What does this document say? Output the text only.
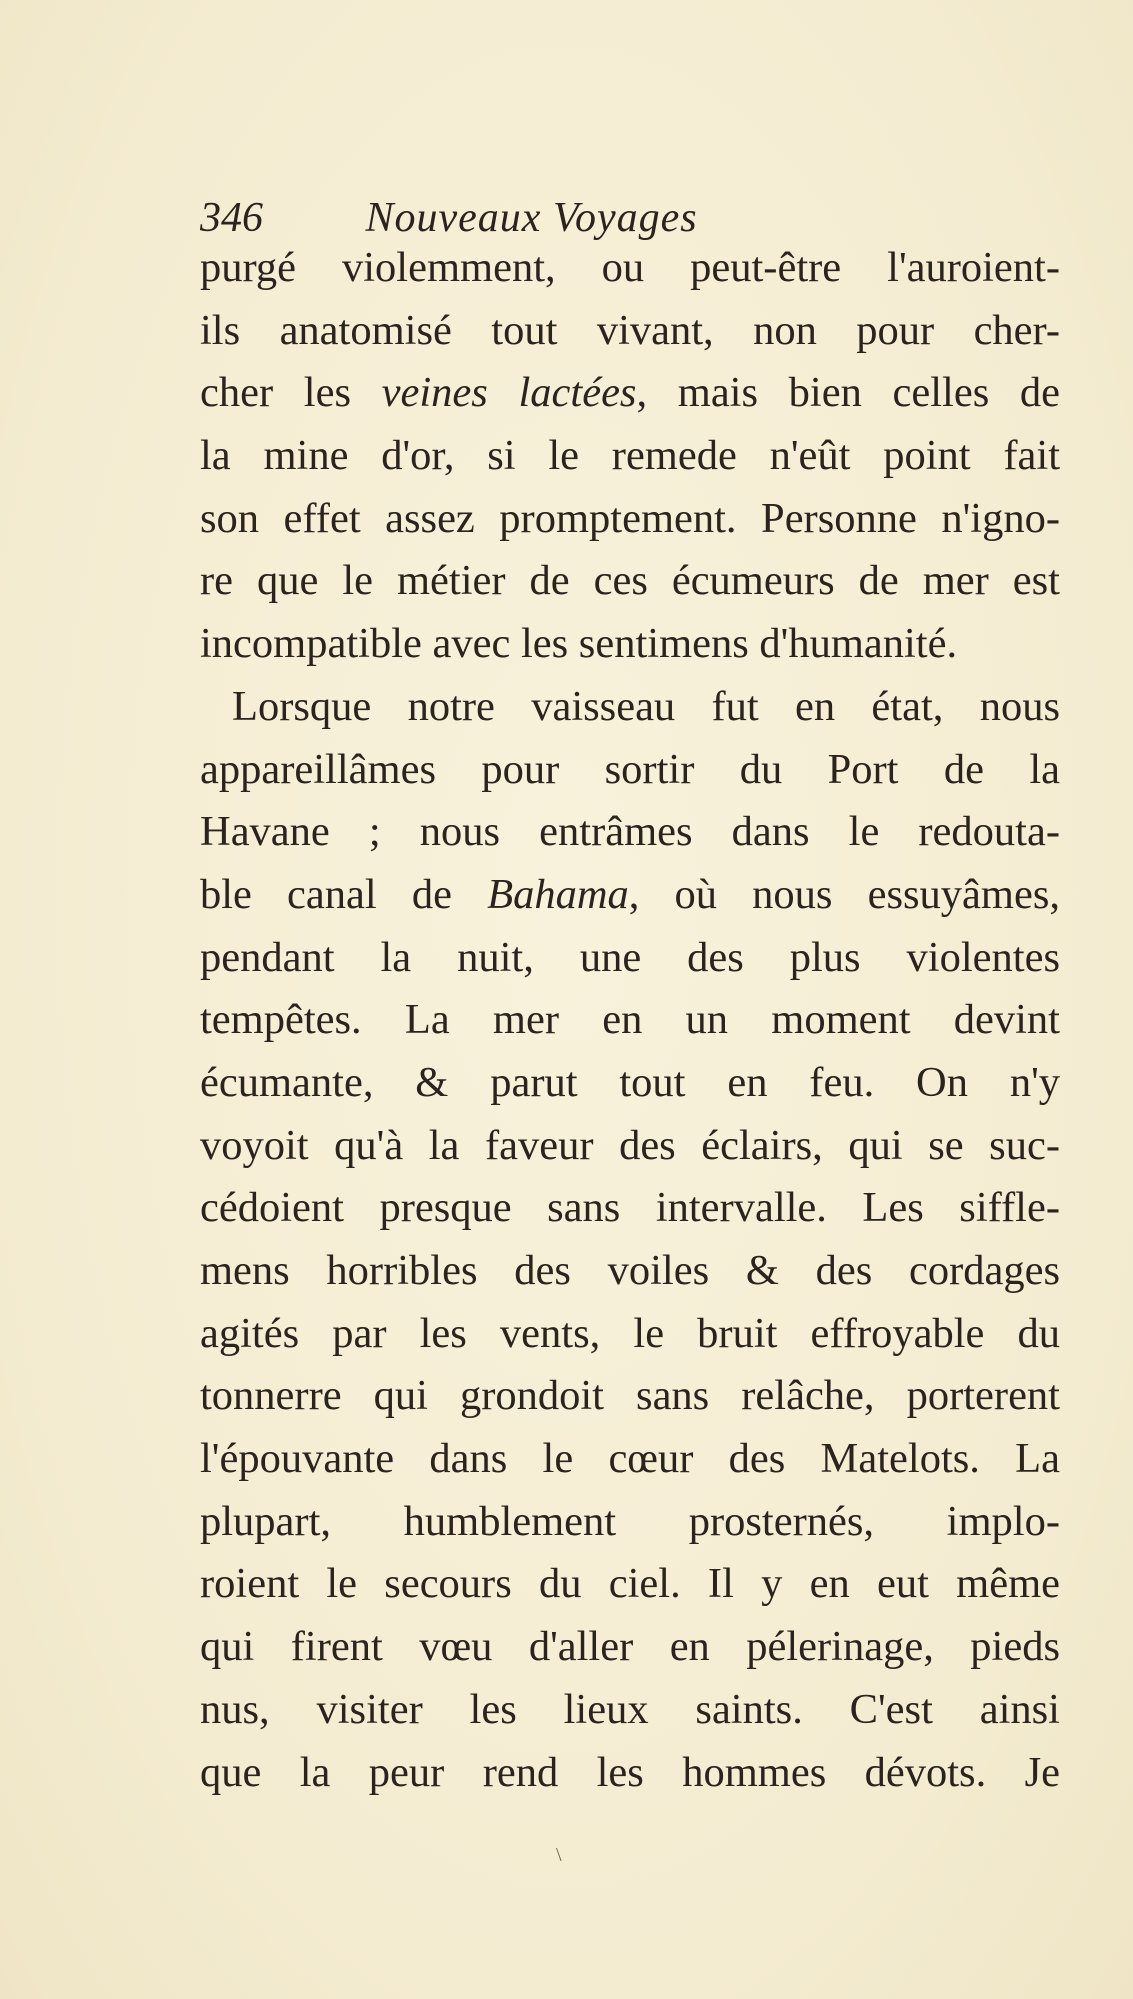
346 Nouveaux Voyages
purgé violemment, ou peut-être l'auroient-
ils anatomisé tout vivant, non pour cher-
cher les veines lactées, mais bien celles de
la mine d'or, si le remede n'eût point fait
son effet assez promptement. Personne n'igno-
re que le métier de ces écumeurs de mer est
incompatible avec les sentimens d'humanité.
Lorsque notre vaisseau fut en état, nous
appareillâmes pour sortir du Port de la
Havane ; nous entrâmes dans le redouta-
ble canal de Bahama, où nous essuyâmes,
pendant la nuit, une des plus violentes
tempêtes. La mer en un moment devint
écumante, & parut tout en feu. On n'y
voyoit qu'à la faveur des éclairs, qui se suc-
cédoient presque sans intervalle. Les siffle-
mens horribles des voiles & des cordages
agités par les vents, le bruit effroyable du
tonnerre qui grondoit sans relâche, porterent
l'épouvante dans le cœur des Matelots. La
plupart, humblement prosternés, implo-
roient le secours du ciel. Il y en eut même
qui firent vœu d'aller en pélerinage, pieds
nus, visiter les lieux saints. C'est ainsi
que la peur rend les hommes dévots. Je
\
